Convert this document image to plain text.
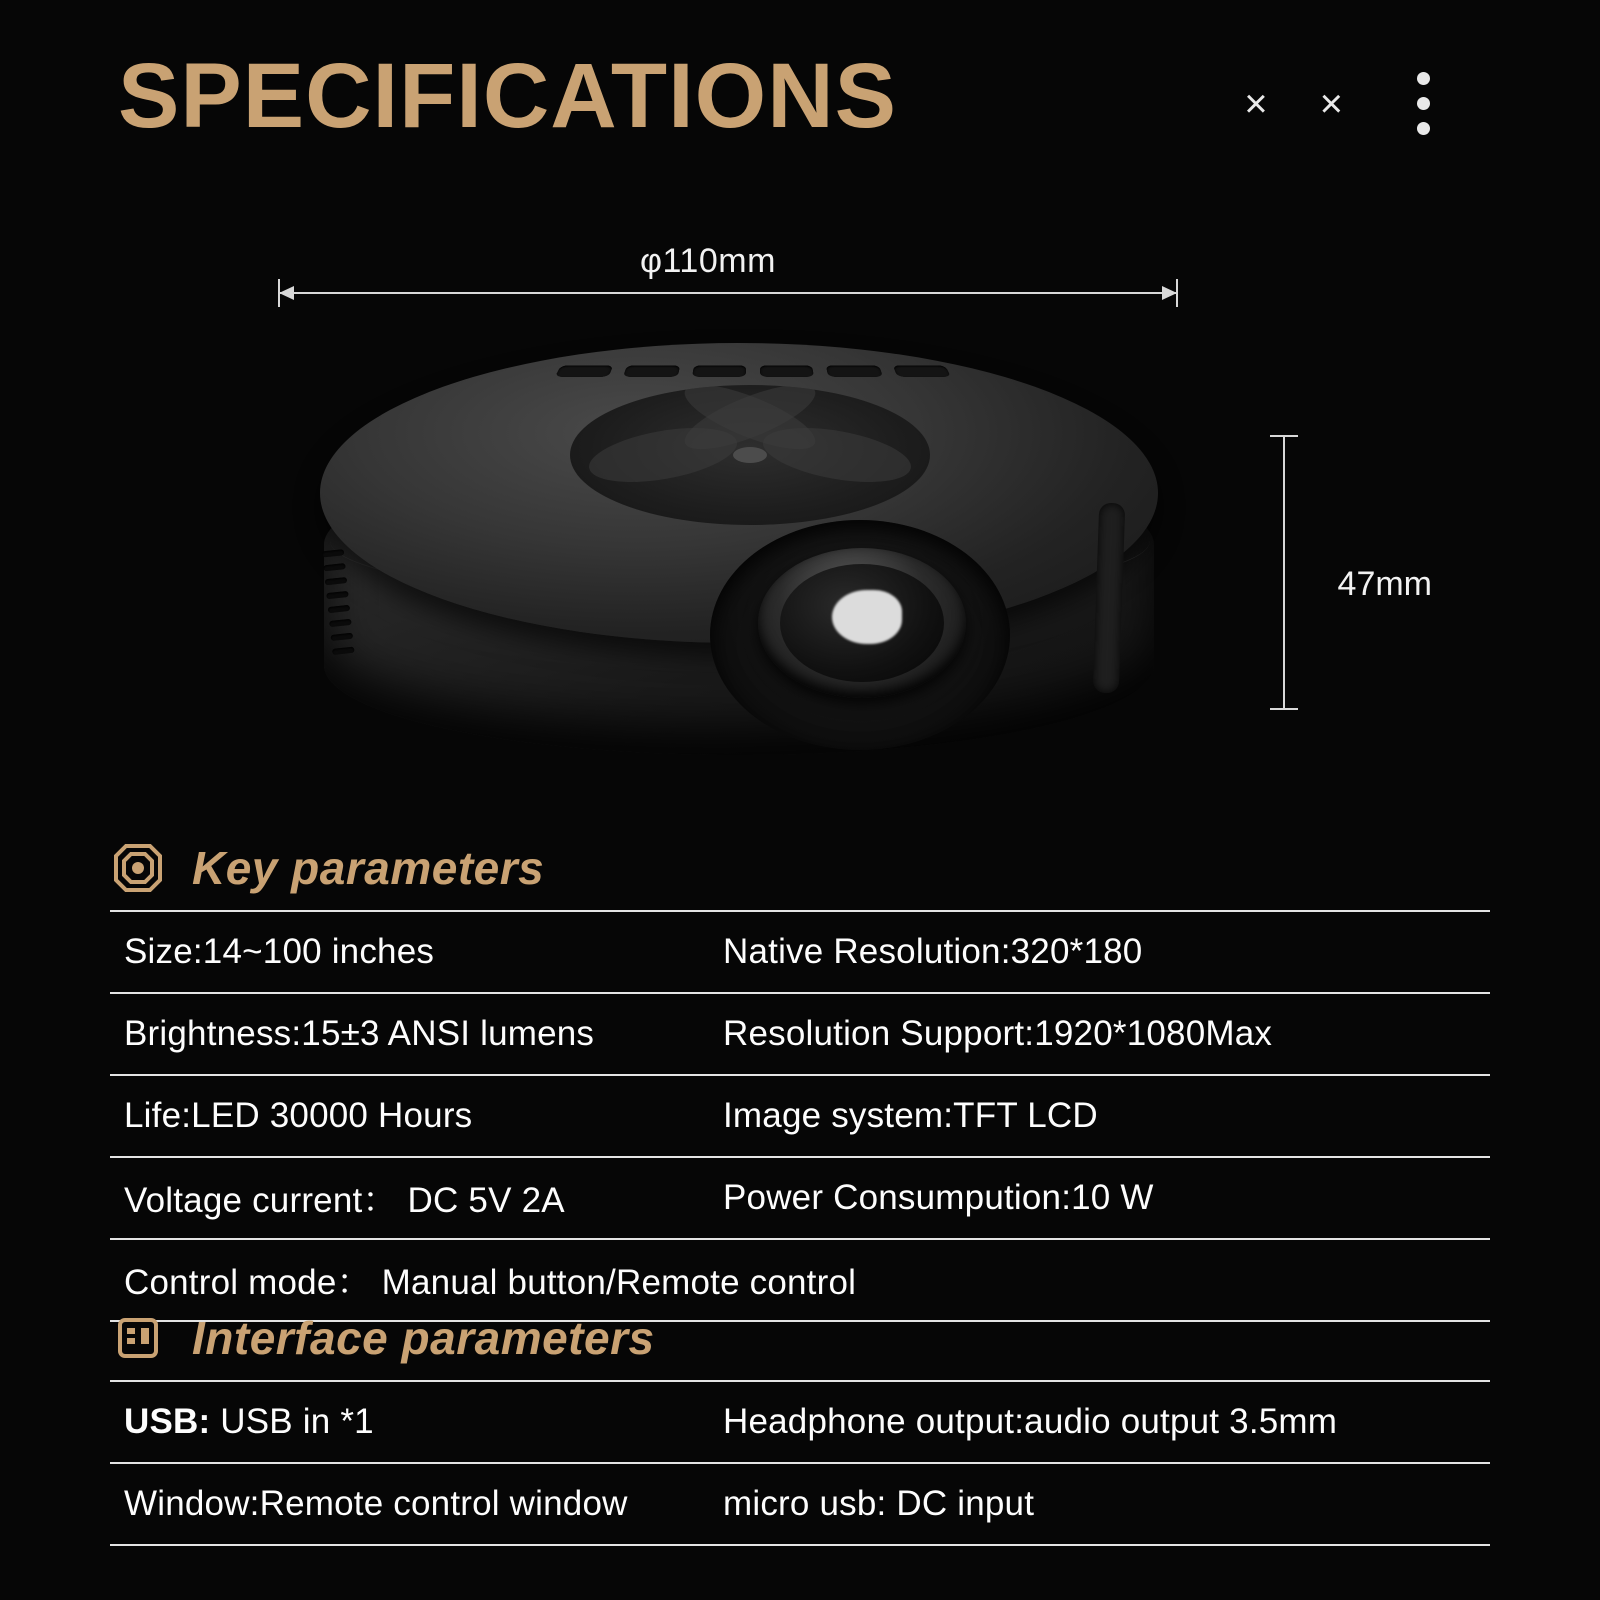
SPECIFICATIONS	× ×
φ110mm
47mm
Key parameters
Size:14~100 inches	Native Resolution:320*180
Brightness:15±3 ANSI lumens	Resolution Support:1920*1080Max
Life:LED 30000 Hours	Image system:TFT LCD
Voltage current： DC 5V 2A	Power Consumpution:10 W
Control mode： Manual button/Remote control
Interface parameters
USB: USB in *1	Headphone output:audio output 3.5mm
Window:Remote control window	micro usb: DC input
